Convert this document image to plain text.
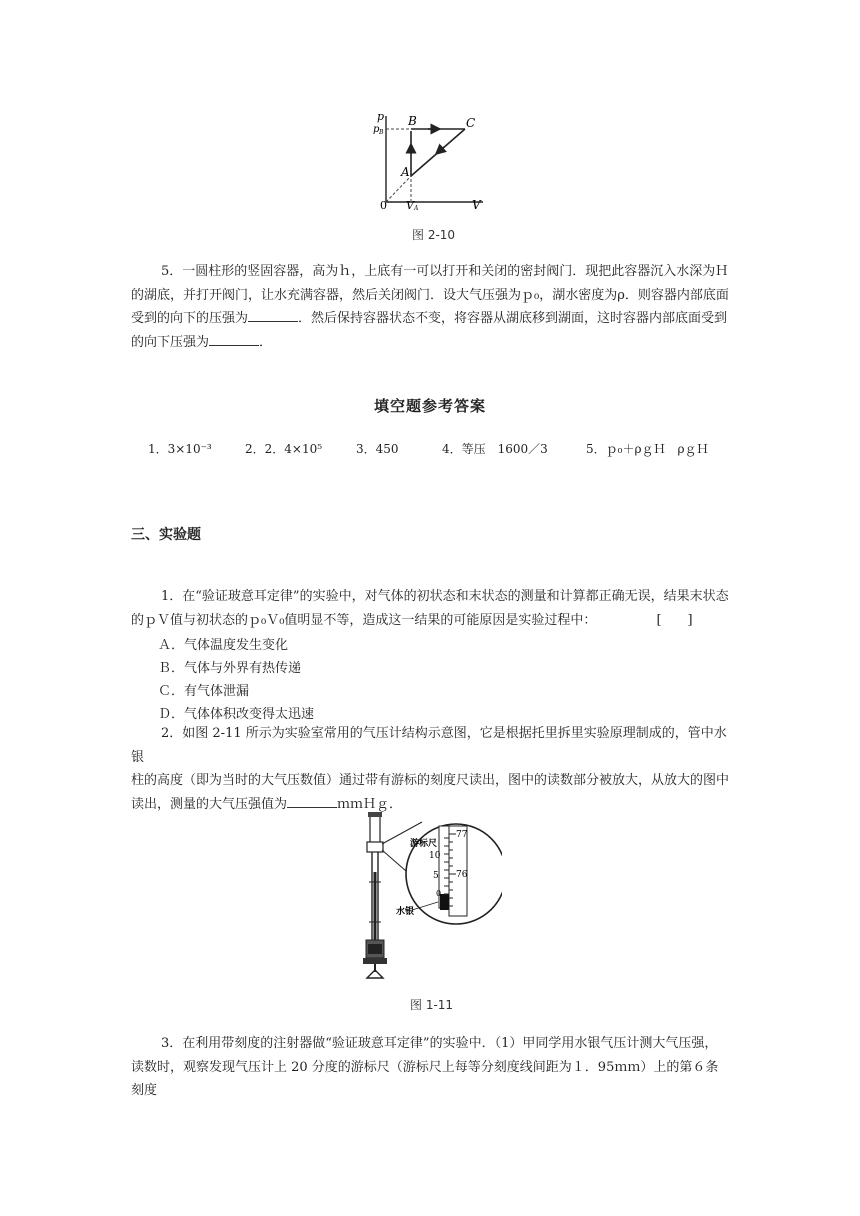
p
p B
B	C
A
0 V A	V
图 2-10
5．一圆柱形的竖固容器，高为ｈ，上底有一可以打开和关闭的密封阀门．现把此容器沉入水深为Ｈ
的湖底，并打开阀门，让水充满容器，然后关闭阀门．设大气压强为ｐ₀，湖水密度为ρ．则容器内部底面
受到的向下的压强为	．然后保持容器状态不变，将容器从湖底移到湖面，这时容器内部底面受到
的向下压强为	．
填空题参考答案
1．3×10⁻³	2．2．4×10⁵	3．450	4．等压　1600／3	5．ｐ₀＋ρｇＨ　ρｇＨ
三、实验题
1．在“验证玻意耳定律”的实验中，对气体的初状态和末状态的测量和计算都正确无误，结果末状态
的ｐＶ值与初状态的ｐ₀Ｖ₀值明显不等，造成这一结果的可能原因是实验过程中：	[　　]
Ａ．气体温度发生变化
Ｂ．气体与外界有热传递
Ｃ．有气体泄漏
Ｄ．气体体积改变得太迅速
2．如图 2-11 所示为实验室常用的气压计结构示意图，它是根据托里拆里实验原理制成的，管中水银
柱的高度（即为当时的大气压数值）通过带有游标的刻度尺读出，图中的读数部分被放大，从放大的图中
读出，测量的大气压强值为	ｍｍＨｇ．
77
76
10
5
0
游标尺
水银
图 1-11
3．在利用带刻度的注射器做“验证玻意耳定律”的实验中．（1）甲同学用水银气压计测大气压强，
读数时，观察发现气压计上 20 分度的游标尺（游标尺上每等分刻度线间距为１．95ｍｍ）上的第６条刻度
